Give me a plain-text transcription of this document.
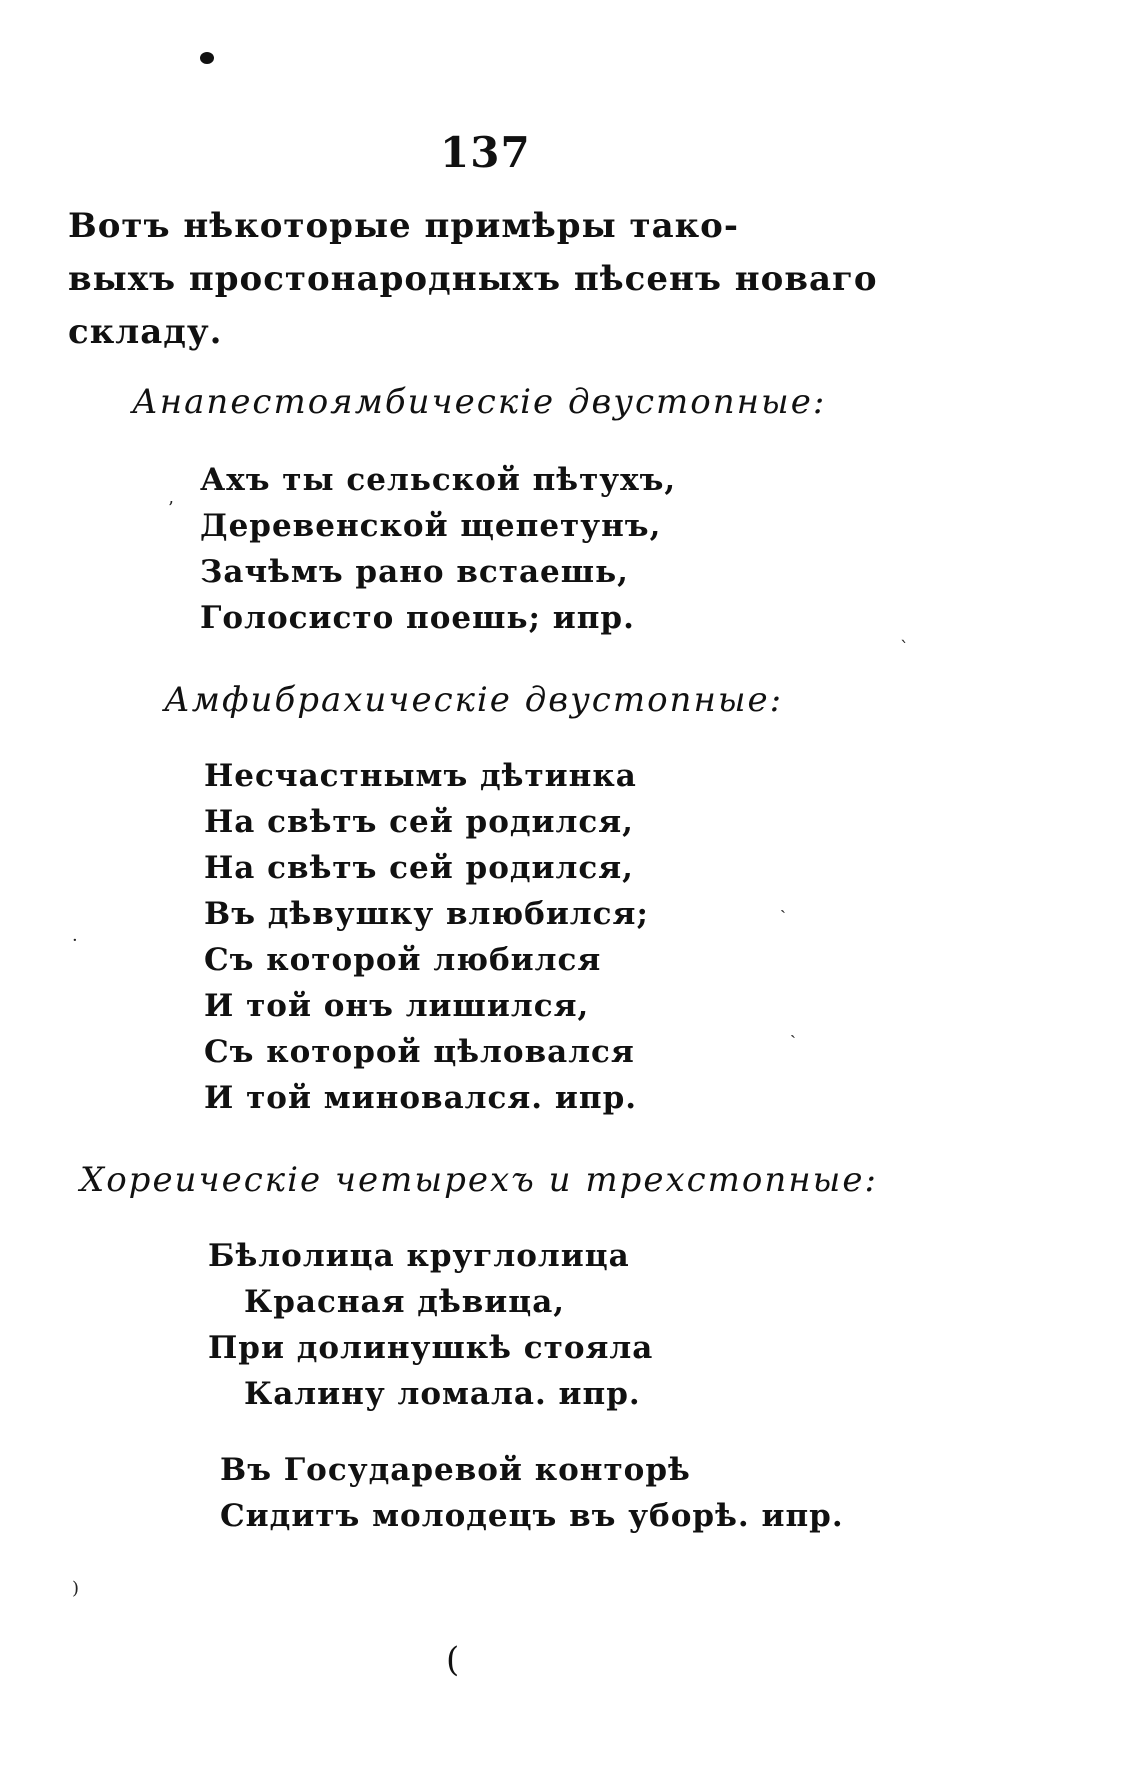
’
ˋ
ˎ
·
ˏ
)
137

Вотъ нѣкоторые примѣры тако-

выхъ простонародныхъ пѣсенъ новаго

складу.

Анапестоямбическіе двустопные:
Ахъ ты сельской пѣтухъ,
Деревенской щепетунъ,
Зачѣмъ рано встаешь,
Голосисто поешь; ипр.
Амфибрахическіе двустопные:
Несчастнымъ дѣтинка
На свѣтъ сей родился,
На свѣтъ сей родился,
Въ дѣвушку влюбился;
Съ которой любился
И той онъ лишился,
Съ которой цѣловался
И той миновался. ипр.
Хореическіе четырехъ и трехстопные:
Бѣлолица круглолица
Красная дѣвица,
При долинушкѣ стояла
Калину ломала. ипр.
Въ Государевой конторѣ
Сидитъ молодецъ въ уборѣ. ипр.
(
